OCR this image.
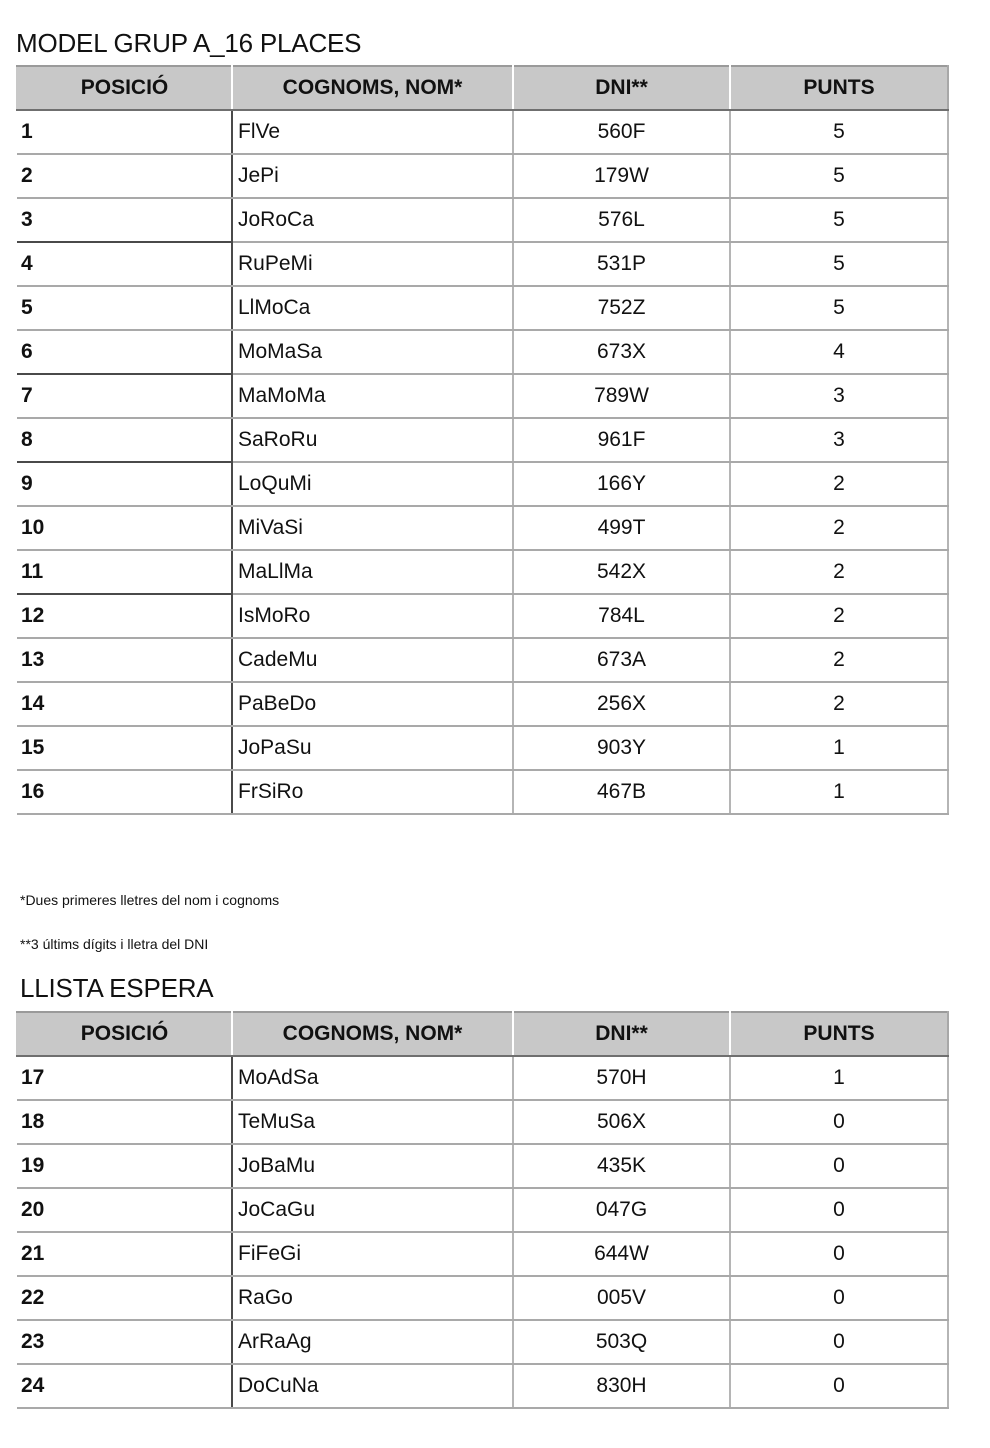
MODEL GRUP A_16 PLACES
POSICIÓ	COGNOMS, NOM*	DNI**	PUNTS
1	FlVe	560F	5
2	JePi	179W	5
3	JoRoCa	576L	5
4	RuPeMi	531P	5
5	LlMoCa	752Z	5
6	MoMaSa	673X	4
7	MaMoMa	789W	3
8	SaRoRu	961F	3
9	LoQuMi	166Y	2
10	MiVaSi	499T	2
11	MaLlMa	542X	2
12	IsMoRo	784L	2
13	CadeMu	673A	2
14	PaBeDo	256X	2
15	JoPaSu	903Y	1
16	FrSiRo	467B	1

*Dues primeres lletres del nom i cognoms

**3 últims dígits i lletra del DNI

LLISTA ESPERA
POSICIÓ	COGNOMS, NOM*	DNI**	PUNTS
17	MoAdSa	570H	1
18	TeMuSa	506X	0
19	JoBaMu	435K	0
20	JoCaGu	047G	0
21	FiFeGi	644W	0
22	RaGo	005V	0
23	ArRaAg	503Q	0
24	DoCuNa	830H	0
